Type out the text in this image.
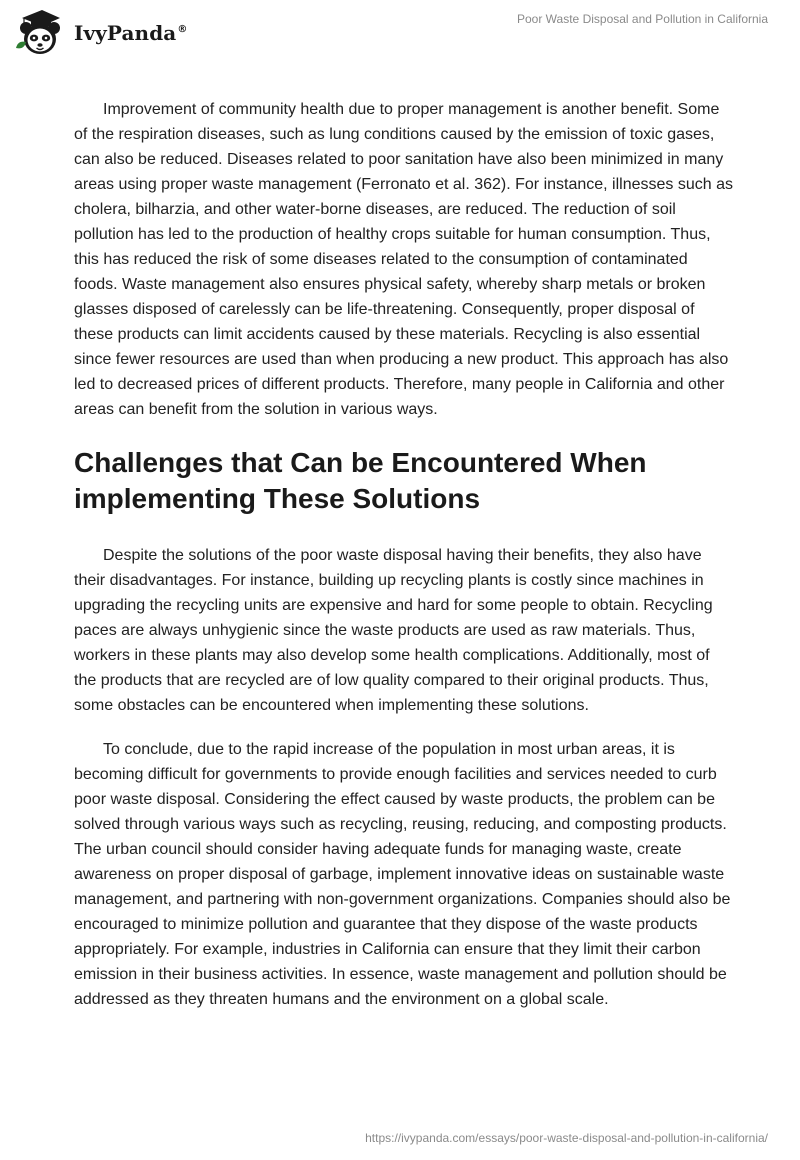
IvyPanda®
Poor Waste Disposal and Pollution in California

Improvement of community health due to proper management is another benefit. Some of the respiration diseases, such as lung conditions caused by the emission of toxic gases, can also be reduced. Diseases related to poor sanitation have also been minimized in many areas using proper waste management (Ferronato et al. 362). For instance, illnesses such as cholera, bilharzia, and other water-borne diseases, are reduced. The reduction of soil pollution has led to the production of healthy crops suitable for human consumption. Thus, this has reduced the risk of some diseases related to the consumption of contaminated foods. Waste management also ensures physical safety, whereby sharp metals or broken glasses disposed of carelessly can be life-threatening. Consequently, proper disposal of these products can limit accidents caused by these materials. Recycling is also essential since fewer resources are used than when producing a new product. This approach has also led to decreased prices of different products. Therefore, many people in California and other areas can benefit from the solution in various ways.

Challenges that Can be Encountered When implementing These Solutions

Despite the solutions of the poor waste disposal having their benefits, they also have their disadvantages. For instance, building up recycling plants is costly since machines in upgrading the recycling units are expensive and hard for some people to obtain. Recycling paces are always unhygienic since the waste products are used as raw materials. Thus, workers in these plants may also develop some health complications. Additionally, most of the products that are recycled are of low quality compared to their original products. Thus, some obstacles can be encountered when implementing these solutions.

To conclude, due to the rapid increase of the population in most urban areas, it is becoming difficult for governments to provide enough facilities and services needed to curb poor waste disposal. Considering the effect caused by waste products, the problem can be solved through various ways such as recycling, reusing, reducing, and composting products. The urban council should consider having adequate funds for managing waste, create awareness on proper disposal of garbage, implement innovative ideas on sustainable waste management, and partnering with non-government organizations. Companies should also be encouraged to minimize pollution and guarantee that they dispose of the waste products appropriately. For example, industries in California can ensure that they limit their carbon emission in their business activities. In essence, waste management and pollution should be addressed as they threaten humans and the environment on a global scale.

https://ivypanda.com/essays/poor-waste-disposal-and-pollution-in-california/
